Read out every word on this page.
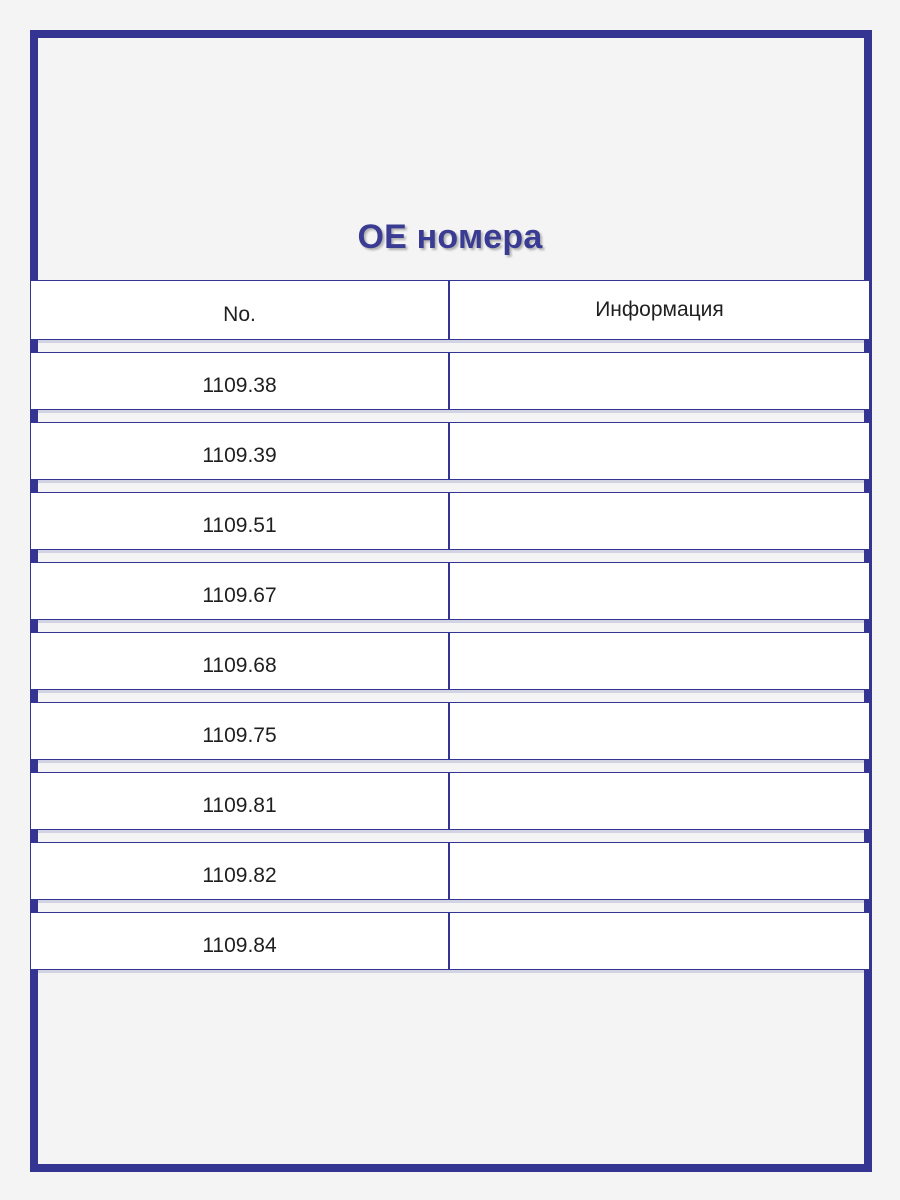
OE номера
No.	Информация
1109.38
1109.39
1109.51
1109.67
1109.68
1109.75
1109.81
1109.82
1109.84
